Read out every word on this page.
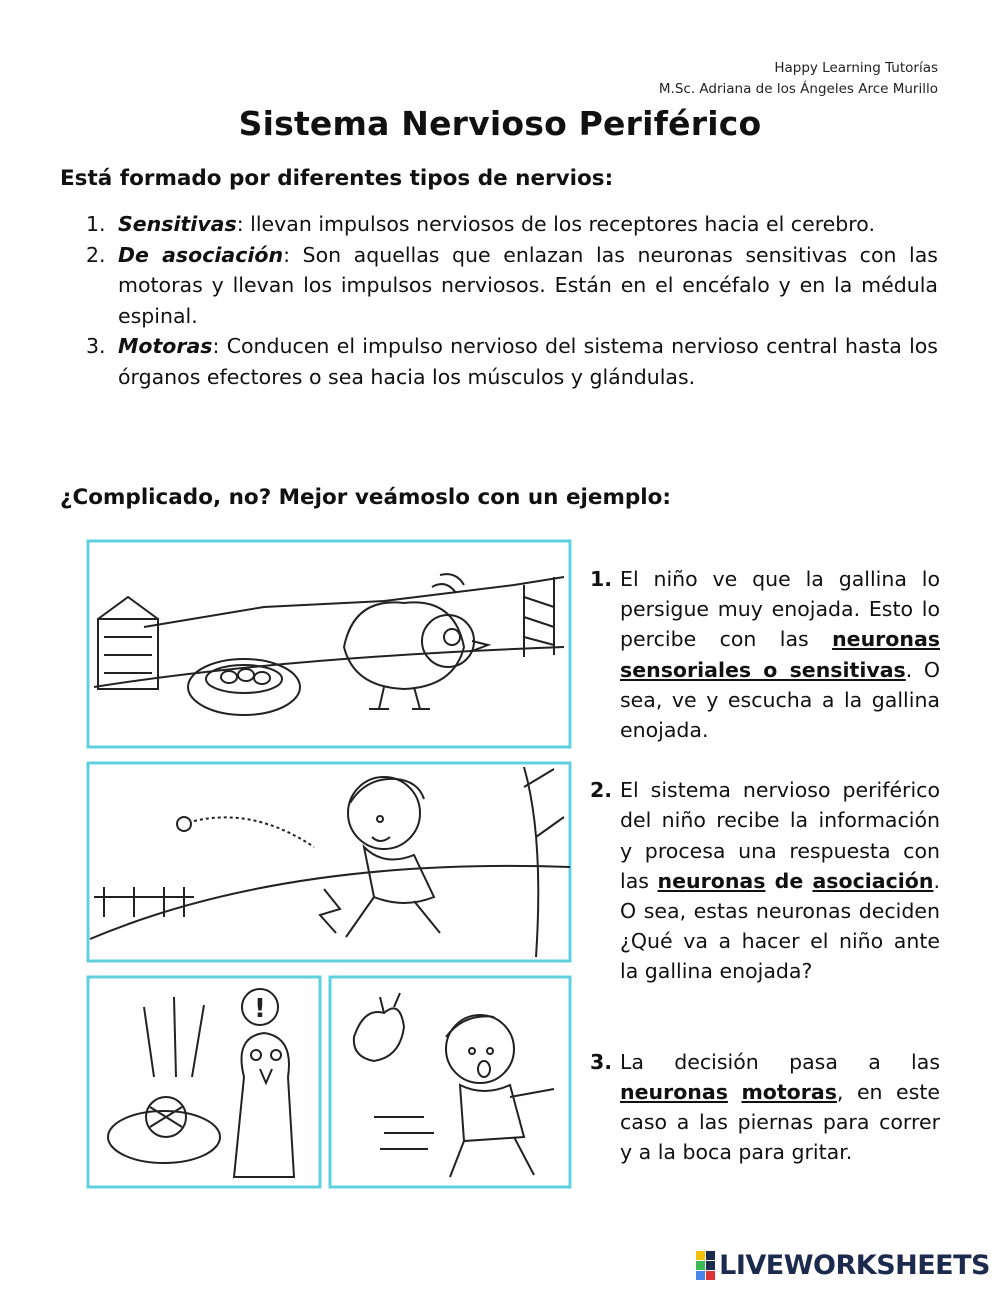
Happy Learning Tutorías
M.Sc. Adriana de los Ángeles Arce Murillo
Sistema Nervioso Periférico
Está formado por diferentes tipos de nervios:
1. Sensitivas: llevan impulsos nerviosos de los receptores hacia el cerebro.
2. De asociación: Son aquellas que enlazan las neuronas sensitivas con las motoras y llevan los impulsos nerviosos. Están en el encéfalo y en la médula espinal.
3. Motoras: Conducen el impulso nervioso del sistema nervioso central hasta los órganos efectores o sea hacia los músculos y glándulas.
¿Complicado, no? Mejor veámoslo con un ejemplo:
!
1. El niño ve que la gallina lo persigue muy enojada. Esto lo percibe con las neuronas sensoriales o sensitivas. O sea, ve y escucha a la gallina enojada.
2. El sistema nervioso periférico del niño recibe la información y procesa una respuesta con las neuronas de asociación. O sea, estas neuronas deciden ¿Qué va a hacer el niño ante la gallina enojada?
3. La decisión pasa a las neuronas motoras, en este caso a las piernas para correr y a la boca para gritar.
LIVEWORKSHEETS
